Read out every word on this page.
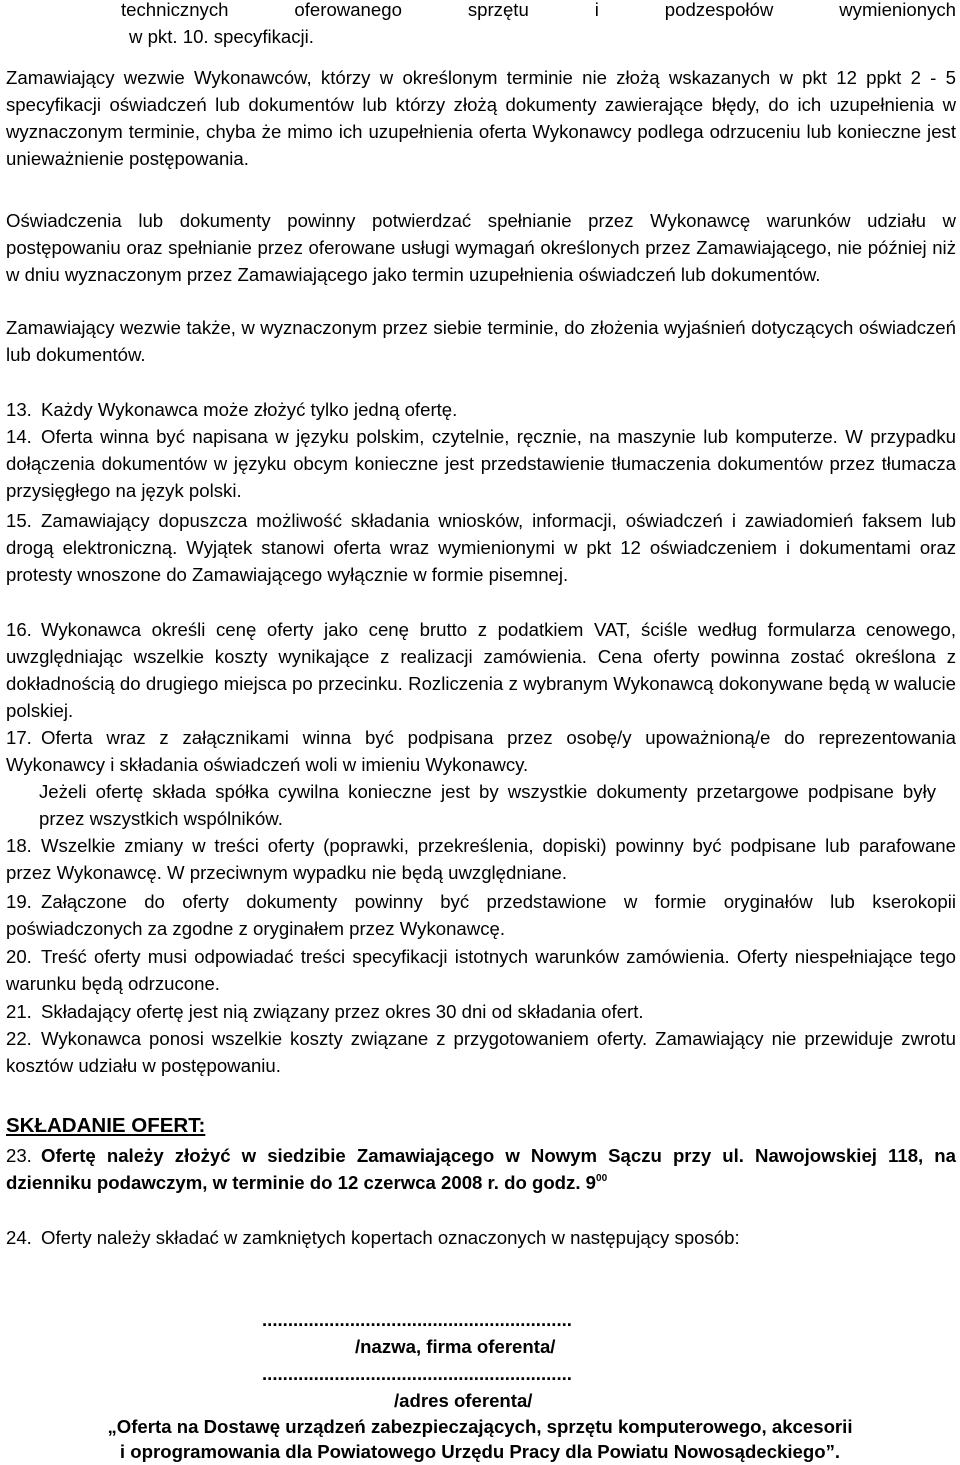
technicznych oferowanego sprzętu i podzespołów wymienionych

w pkt. 10. specyfikacji.

Zamawiający wezwie Wykonawców, którzy w określonym terminie nie złożą wskazanych w pkt 12 ppkt 2 - 5 specyfikacji oświadczeń lub dokumentów lub którzy złożą dokumenty zawierające błędy, do ich uzupełnienia w wyznaczonym terminie, chyba że mimo ich uzupełnienia oferta Wykonawcy podlega odrzuceniu lub konieczne jest unieważnienie postępowania.

Oświadczenia lub dokumenty powinny potwierdzać spełnianie przez Wykonawcę warunków udziału w postępowaniu oraz spełnianie przez oferowane usługi wymagań określonych przez Zamawiającego, nie później niż w dniu wyznaczonym przez Zamawiającego jako termin uzupełnienia oświadczeń lub dokumentów.

Zamawiający wezwie także, w wyznaczonym przez siebie terminie, do złożenia wyjaśnień dotyczących oświadczeń lub dokumentów.

13. Każdy Wykonawca może złożyć tylko jedną ofertę.

14. Oferta winna być napisana w języku polskim, czytelnie, ręcznie, na maszynie lub komputerze. W przypadku dołączenia dokumentów w języku obcym konieczne jest przedstawienie tłumaczenia dokumentów przez tłumacza przysięgłego na język polski.

15. Zamawiający dopuszcza możliwość składania wniosków, informacji, oświadczeń i zawiadomień faksem lub drogą elektroniczną. Wyjątek stanowi oferta wraz wymienionymi w pkt 12 oświadczeniem i dokumentami oraz protesty wnoszone do Zamawiającego wyłącznie w formie pisemnej.

16. Wykonawca określi cenę oferty jako cenę brutto z podatkiem VAT, ściśle według formularza cenowego, uwzględniając wszelkie koszty wynikające z realizacji zamówienia. Cena oferty powinna zostać określona z dokładnością do drugiego miejsca po przecinku. Rozliczenia z wybranym Wykonawcą dokonywane będą w walucie polskiej.

17. Oferta wraz z załącznikami winna być podpisana przez osobę/y upoważnioną/e do reprezentowania Wykonawcy i składania oświadczeń woli w imieniu Wykonawcy.

Jeżeli ofertę składa spółka cywilna konieczne jest by wszystkie dokumenty przetargowe podpisane były przez wszystkich wspólników.

18. Wszelkie zmiany w treści oferty (poprawki, przekreślenia, dopiski) powinny być podpisane lub parafowane przez Wykonawcę. W przeciwnym wypadku nie będą uwzględniane.

19. Załączone do oferty dokumenty powinny być przedstawione w formie oryginałów lub kserokopii poświadczonych za zgodne z oryginałem przez Wykonawcę.

20. Treść oferty musi odpowiadać treści specyfikacji istotnych warunków zamówienia. Oferty niespełniające tego warunku będą odrzucone.

21. Składający ofertę jest nią związany przez okres 30 dni od składania ofert.

22. Wykonawca ponosi wszelkie koszty związane z przygotowaniem oferty. Zamawiający nie przewiduje zwrotu kosztów udziału w postępowaniu.

SKŁADANIE OFERT:

23. Ofertę należy złożyć w siedzibie Zamawiającego w Nowym Sączu przy ul. Nawojowskiej 118, na dzienniku podawczym, w terminie do 12 czerwca 2008 r. do godz. $9^{00}$

24. Oferty należy składać w zamkniętych kopertach oznaczonych w następujący sposób:

............................................................

/nazwa, firma oferenta/

............................................................

/adres oferenta/

„Oferta na Dostawę urządzeń zabezpieczających, sprzętu komputerowego, akcesorii

i oprogramowania dla Powiatowego Urzędu Pracy dla Powiatu Nowosądeckiego”.
